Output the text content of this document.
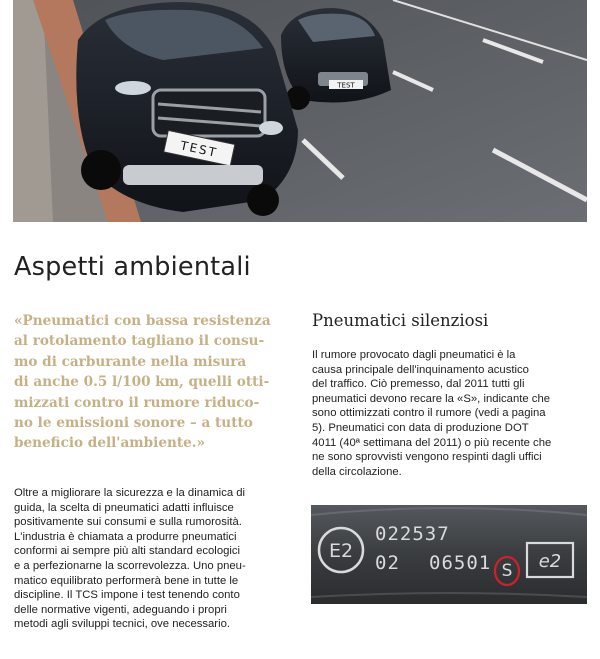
TEST
TEST
Aspetti ambientali

«Pneumatici con bassa resistenza
al rotolamento tagliano il consu-
mo di carburante nella misura
di anche 0.5 l/100 km, quelli otti-
mizzati contro il rumore riduco-
no le emissioni sonore – a tutto
beneficio dell'ambiente.»

Oltre a migliorare la sicurezza e la dinamica di
guida, la scelta di pneumatici adatti influisce
positivamente sui consumi e sulla rumorosità.
L'industria è chiamata a produrre pneumatici
conformi ai sempre più alti standard ecologici
e a perfezionarne la scorrevolezza. Uno pneu-
matico equilibrato performerà bene in tutte le
discipline. Il TCS impone i test tenendo conto
delle normative vigenti, adeguando i propri
metodi agli sviluppi tecnici, ove necessario.

Pneumatici silenziosi

Il rumore provocato dagli pneumatici è la
causa principale dell'inquinamento acustico
del traffico. Ciò premesso, dal 2011 tutti gli
pneumatici devono recare la «S», indicante che
sono ottimizzati contro il rumore (vedi a pagina
5). Pneumatici con data di produzione DOT
4011 (40ª settimana del 2011) o più recente che
ne sono sprovvisti vengono respinti dagli uffici
della circolazione.

E2
022537
02 06501 S e2
